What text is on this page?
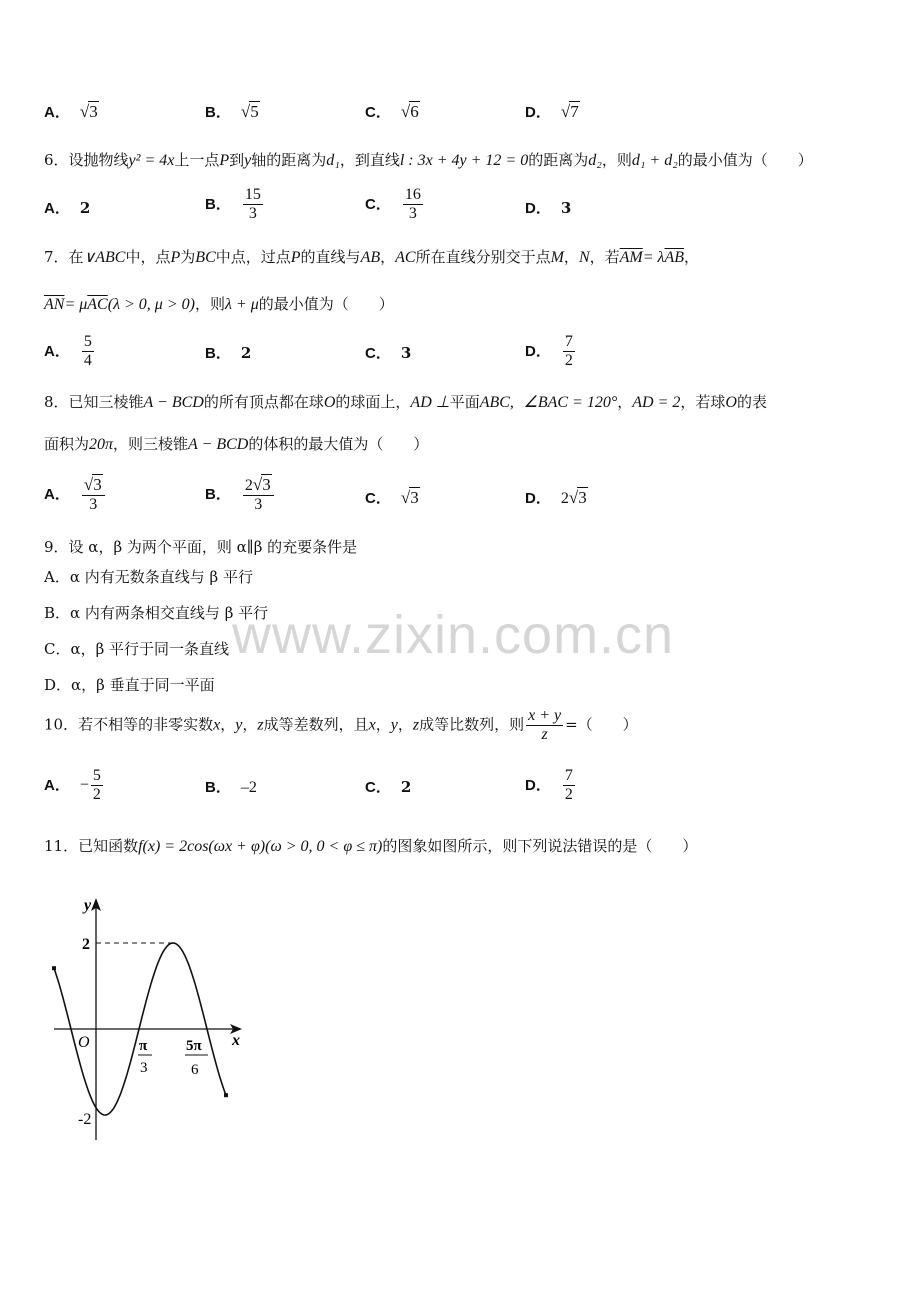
A． √3	B． √5	C． √6	D． √7
6．设抛物线y² = 4x上一点P到y轴的距离为d₁，到直线l : 3x + 4y + 12 = 0的距离为d₂，则d₁ + d₂的最小值为（　　）
A． 2	B． $\frac{15}{3}$	C． $\frac{16}{3}$	D． 3
7．在∨ABC中，点P为BC中点，过点P的直线与AB，AC所在直线分别交于点M，N，若$\overline{AM}= \lambda\overline{AB}$，
$\overline{AN}= \mu\overline{AC}(\lambda > 0$, μ > 0)，则λ + μ的最小值为（　　）
A． $\frac{5}{4}$	B． 2	C． 3	D． $\frac{7}{2}$
8．已知三棱锥A − BCD的所有顶点都在球O的球面上，AD ⊥平面ABC, ∠BAC = 120°，AD = 2，若球O的表
面积为20π，则三棱锥A − BCD的体积的最大值为（　　）
A． $\frac{√3}{3}$	B． $\frac{2√3}{3}$	C． √3	D． 2√3
9．设 α，β 为两个平面，则 α∥β 的充要条件是
A．α 内有无数条直线与 β 平行
B．α 内有两条相交直线与 β 平行
C．α，β 平行于同一条直线
D．α，β 垂直于同一平面
www.zixin.com.cn
10．若不相等的非零实数x，y，z成等差数列，且x，y，z成等比数列，则 $\frac{x + y}{z}$ =（　　）
A． − $\frac{5}{2}$	B． –2	C． 2	D． $\frac{7}{2}$
11．已知函数f(x) = 2cos(ωx + φ)(ω > 0, 0 < φ ≤ π)的图象如图所示，则下列说法错误的是（　　）
y
x
O
2
-2
π
3
5π
6
